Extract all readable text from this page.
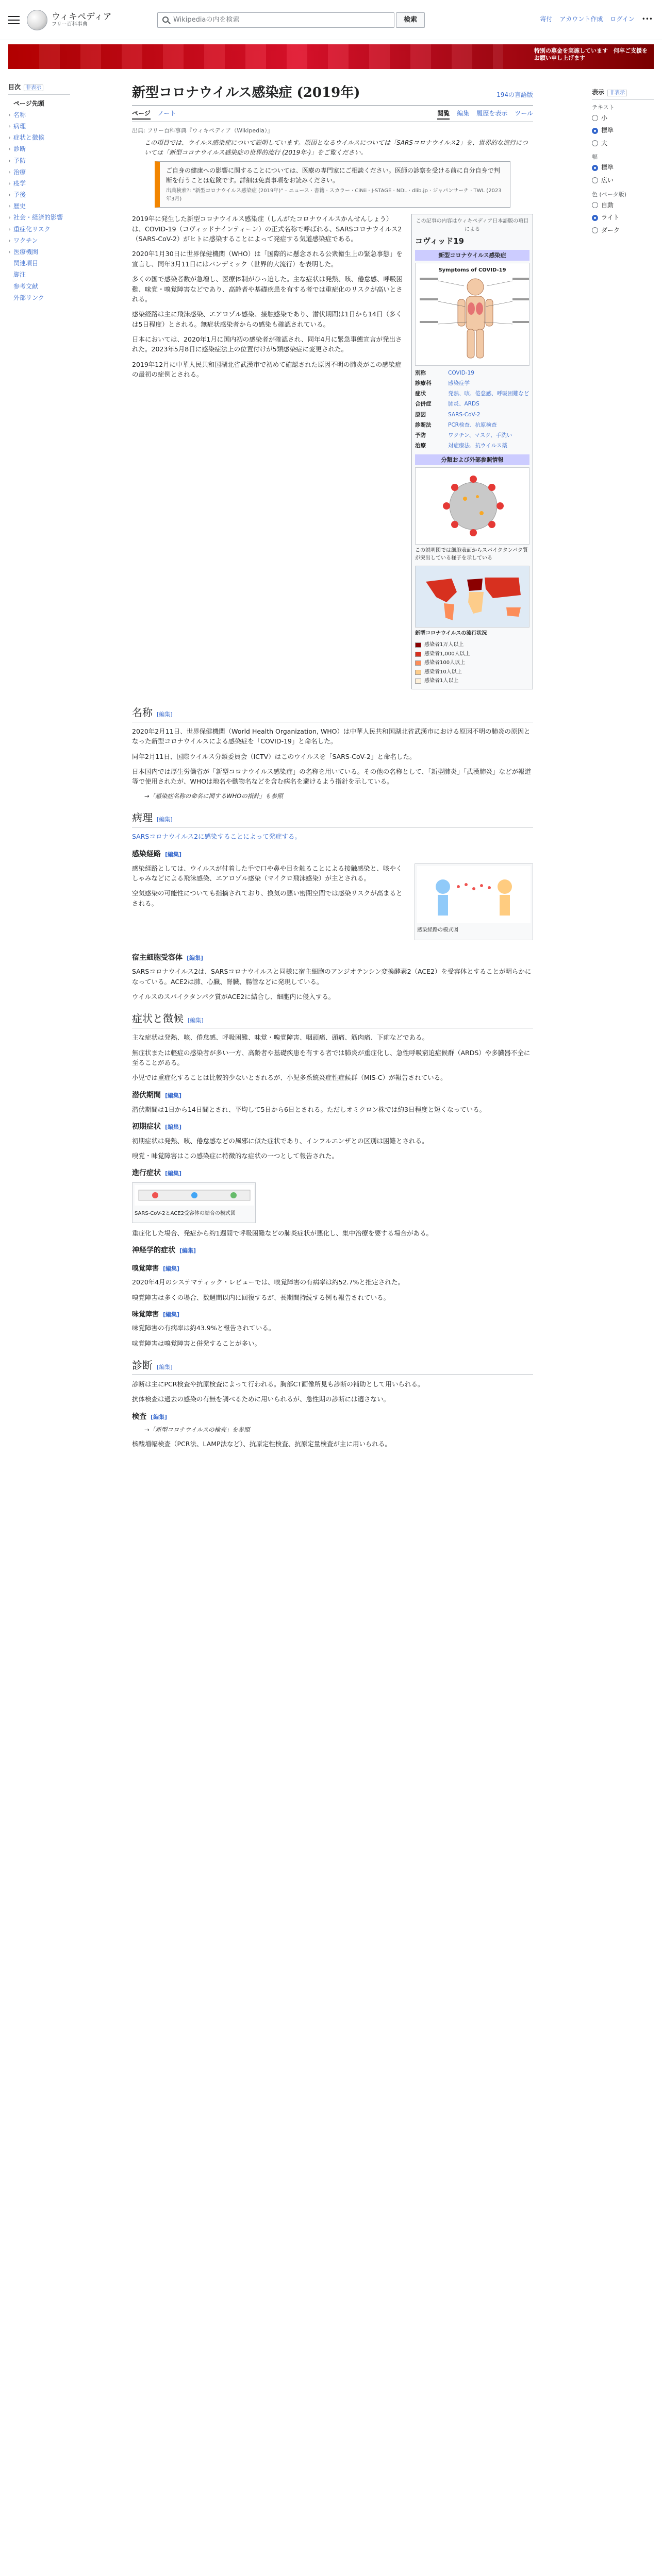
ウィキペディア
フリー百科事典
Wikipediaの内を検索	検索	寄付 アカウント作成 ログイン •••
特別の募金を実施しています　何卒ご支援をお願い申し上げます
目次 非表示
ページ先頭
› 名称
› 病理
› 症状と徴候
› 診断
› 予防
› 治療
› 疫学
› 予後
› 歴史
› 社会・経済的影響
› 重症化リスク
› ワクチン
› 医療機関
関連項目
脚注
参考文献
外部リンク
表示 非表示
テキスト
小
標準
大
幅
標準
広い
色 (ベータ版)
自動
ライト
ダーク
新型コロナウイルス感染症 (2019年)	194の言語版
ページ ノート	閲覧 編集 履歴を表示 ツール
出典: フリー百科事典『ウィキペディア（Wikipedia）』
この項目では、ウイルス感染症について説明しています。原因となるウイルスについては「SARSコロナウイルス2」を、世界的な流行については「新型コロナウイルス感染症の世界的流行 (2019年-)」をご覧ください。
ご自身の健康への影響に関することについては、医療の専門家にご相談ください。医師の診察を受ける前に自分自身で判断を行うことは危険です。詳細は免責事項をお読みください。
出典検索?: "新型コロナウイルス感染症 (2019年)" – ニュース · 書籍 · スカラー · CiNii · J-STAGE · NDL · dlib.jp · ジャパンサーチ · TWL (2023年3月)
この記事の内容はウィキペディア日本語版の項目による
コヴィッド19
新型コロナウイルス感染症
Symptoms of COVID-19
別称	COVID-19
診療科	感染症学
症状	発熱、咳、倦怠感、呼吸困難など
合併症	肺炎、ARDS
原因	SARS-CoV-2
診断法	PCR検査、抗原検査
予防	ワクチン、マスク、手洗い
治療	対症療法、抗ウイルス薬
分類および外部参照情報
この説明図では細胞表面からスパイクタンパク質が突出している様子を示している
新型コロナウイルスの流行状況
感染者1万人以上
感染者1,000人以上
感染者100人以上
感染者10人以上
感染者1人以上

2019年に発生した新型コロナウイルス感染症（しんがたコロナウイルスかんせんしょう）は、COVID-19（コヴィッドナインティーン）の正式名称で呼ばれる、SARSコロナウイルス2（SARS-CoV-2）がヒトに感染することによって発症する気道感染症である。

2020年1月30日に世界保健機関（WHO）は「国際的に懸念される公衆衛生上の緊急事態」を宣言し、同年3月11日にはパンデミック（世界的大流行）を表明した。

多くの国で感染者数が急増し、医療体制がひっ迫した。主な症状は発熱、咳、倦怠感、呼吸困難、味覚・嗅覚障害などであり、高齢者や基礎疾患を有する者では重症化のリスクが高いとされる。

感染経路は主に飛沫感染、エアロゾル感染、接触感染であり、潜伏期間は1日から14日（多くは5日程度）とされる。無症状感染者からの感染も確認されている。

日本においては、2020年1月に国内初の感染者が確認され、同年4月に緊急事態宣言が発出された。2023年5月8日に感染症法上の位置付けが5類感染症に変更された。

2019年12月に中華人民共和国湖北省武漢市で初めて確認された原因不明の肺炎がこの感染症の最初の症例とされる。

名称 [編集]

2020年2月11日、世界保健機関（World Health Organization, WHO）は中華人民共和国湖北省武漢市における原因不明の肺炎の原因となった新型コロナウイルスによる感染症を「COVID-19」と命名した。

同年2月11日、国際ウイルス分類委員会（ICTV）はこのウイルスを「SARS-CoV-2」と命名した。

日本国内では厚生労働省が「新型コロナウイルス感染症」の名称を用いている。その他の名称として、「新型肺炎」「武漢肺炎」などが報道等で使用されたが、WHOは地名や動物名などを含む病名を避けるよう指針を示している。

→「感染症名称の命名に関するWHOの指針」も参照
病理 [編集]

SARSコロナウイルス2に感染することによって発症する。

感染経路 [編集]
感染経路の模式図

感染経路としては、ウイルスが付着した手で口や鼻や目を触ることによる接触感染と、咳やくしゃみなどによる飛沫感染、エアロゾル感染（マイクロ飛沫感染）が主とされる。

空気感染の可能性についても指摘されており、換気の悪い密閉空間では感染リスクが高まるとされる。

宿主細胞受容体 [編集]

SARSコロナウイルス2は、SARSコロナウイルスと同様に宿主細胞のアンジオテンシン変換酵素2（ACE2）を受容体とすることが明らかになっている。ACE2は肺、心臓、腎臓、腸管などに発現している。

ウイルスのスパイクタンパク質がACE2に結合し、細胞内に侵入する。

症状と徴候 [編集]

主な症状は発熱、咳、倦怠感、呼吸困難、味覚・嗅覚障害、咽頭痛、頭痛、筋肉痛、下痢などである。

無症状または軽症の感染者が多い一方、高齢者や基礎疾患を有する者では肺炎が重症化し、急性呼吸窮迫症候群（ARDS）や多臓器不全に至ることがある。

小児では重症化することは比較的少ないとされるが、小児多系統炎症性症候群（MIS-C）が報告されている。

潜伏期間 [編集]

潜伏期間は1日から14日間とされ、平均して5日から6日とされる。ただしオミクロン株では約3日程度と短くなっている。

初期症状 [編集]

初期症状は発熱、咳、倦怠感などの風邪に似た症状であり、インフルエンザとの区別は困難とされる。

嗅覚・味覚障害はこの感染症に特徴的な症状の一つとして報告された。

進行症状 [編集]
SARS-CoV-2とACE2受容体の結合の模式図

重症化した場合、発症から約1週間で呼吸困難などの肺炎症状が悪化し、集中治療を要する場合がある。

神経学的症状 [編集]
嗅覚障害 [編集]

2020年4月のシステマティック・レビューでは、嗅覚障害の有病率は約52.7%と推定された。

嗅覚障害は多くの場合、数週間以内に回復するが、長期間持続する例も報告されている。

味覚障害 [編集]

味覚障害の有病率は約43.9%と報告されている。

味覚障害は嗅覚障害と併発することが多い。

診断 [編集]

診断は主にPCR検査や抗原検査によって行われる。胸部CT画像所見も診断の補助として用いられる。

抗体検査は過去の感染の有無を調べるために用いられるが、急性期の診断には適さない。

検査 [編集]
→「新型コロナウイルスの検査」を参照

核酸増幅検査（PCR法、LAMP法など）、抗原定性検査、抗原定量検査が主に用いられる。
